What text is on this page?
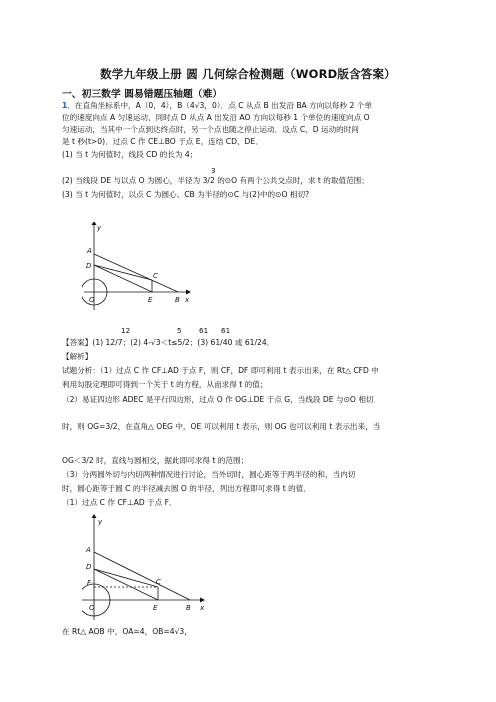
数学九年级上册 圆 几何综合检测题（WORD版含答案）
一、初三数学 圆易错题压轴题（难）
1．在直角坐标系中，A（0，4），B（4√3，0）．点 C 从点 B 出发沿 BA 方向以每秒 2 个单
位的速度向点 A 匀速运动，同时点 D 从点 A 出发沿 AO 方向以每秒 1 个单位的速度向点 O
匀速运动，当其中一个点到达终点时，另一个点也随之停止运动．设点 C、D 运动的时间
是 t 秒(t>0)．过点 C 作 CE⊥BO 于点 E，连结 CD、DE．
(1) 当 t 为何值时，线段 CD 的长为 4；
3
(2) 当线段 DE 与以点 O 为圆心，半径为 3/2 的⊙O 有两个公共交点时，求 t 的取值范围；
(3) 当 t 为何值时，以点 C 为圆心、CB 为半径的⊙C 与(2)中的⊙O 相切?
y
A
D
C
O	E	B x
12	5 61 61
【答案】(1) 12/7；(2) 4-√3＜t≤5/2；(3) 61/40 或 61/24．
【解析】
试题分析：（1）过点 C 作 CF⊥AD 于点 F，则 CF，DF 即可利用 t 表示出来，在 Rt△ CFD 中
利用勾股定理即可得到一个关于 t 的方程，从而求得 t 的值；
（2）易证四边形 ADEC 是平行四边形，过点 O 作 OG⊥DE 于点 G，当线段 DE 与⊙O 相切
时，则 OG=3/2，在直角△ OEG 中，OE 可以利用 t 表示，则 OG 也可以利用 t 表示出来，当
OG＜3/2 时，直线与圆相交，据此即可求得 t 的范围；
（3）分两圆外切与内切两种情况进行讨论，当外切时，圆心距等于两半径的和，当内切
时，圆心距等于圆 C 的半径减去圆 O 的半径，列出方程即可求得 t 的值．
（1）过点 C 作 CF⊥AD 于点 F．
y
A
D
F	C
O	E	B x
在 Rt△ AOB 中，OA=4，OB=4√3，
